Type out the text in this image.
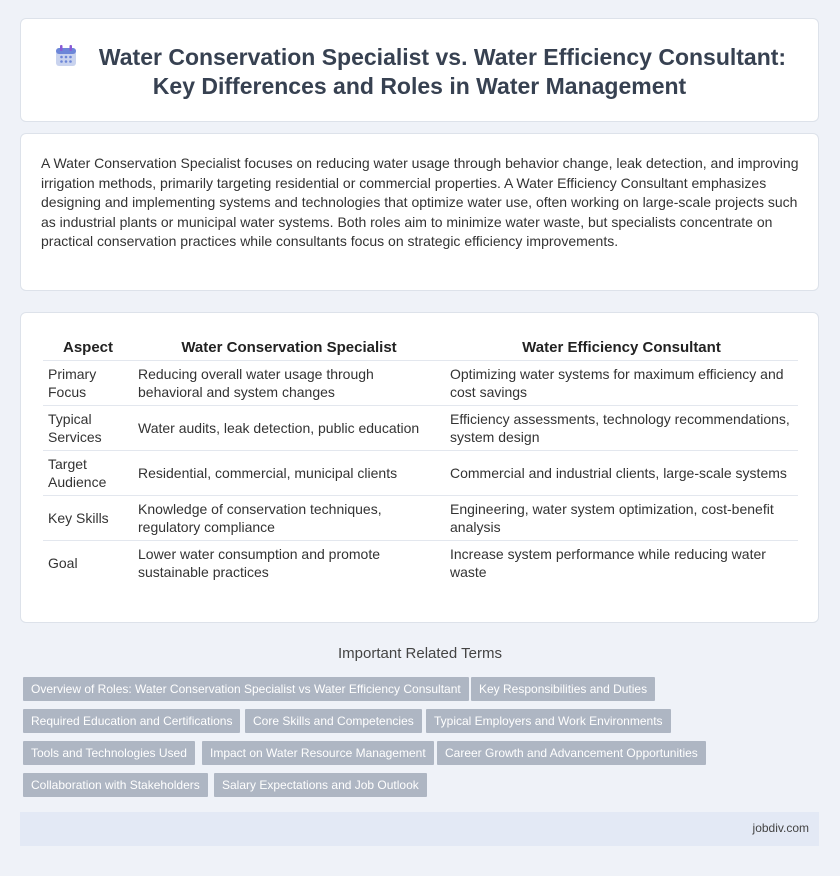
Water Conservation Specialist vs. Water Efficiency Consultant: Key Differences and Roles in Water Management

A Water Conservation Specialist focuses on reducing water usage through behavior change, leak detection, and improving irrigation methods, primarily targeting residential or commercial properties. A Water Efficiency Consultant emphasizes designing and implementing systems and technologies that optimize water use, often working on large-scale projects such as industrial plants or municipal water systems. Both roles aim to minimize water waste, but specialists concentrate on practical conservation practices while consultants focus on strategic efficiency improvements.

Aspect	Water Conservation Specialist	Water Efficiency Consultant
Primary Focus	Reducing overall water usage through behavioral and system changes	Optimizing water systems for maximum efficiency and cost savings
Typical Services	Water audits, leak detection, public education	Efficiency assessments, technology recommendations, system design
Target Audience	Residential, commercial, municipal clients	Commercial and industrial clients, large-scale systems
Key Skills	Knowledge of conservation techniques, regulatory compliance	Engineering, water system optimization, cost-benefit analysis
Goal	Lower water consumption and promote sustainable practices	Increase system performance while reducing water waste
Important Related Terms
Overview of Roles: Water Conservation Specialist vs Water Efficiency Consultant	Key Responsibilities and Duties
Required Education and Certifications	Core Skills and Competencies	Typical Employers and Work Environments
Tools and Technologies Used	Impact on Water Resource Management	Career Growth and Advancement Opportunities
Collaboration with Stakeholders	Salary Expectations and Job Outlook
jobdiv.com
